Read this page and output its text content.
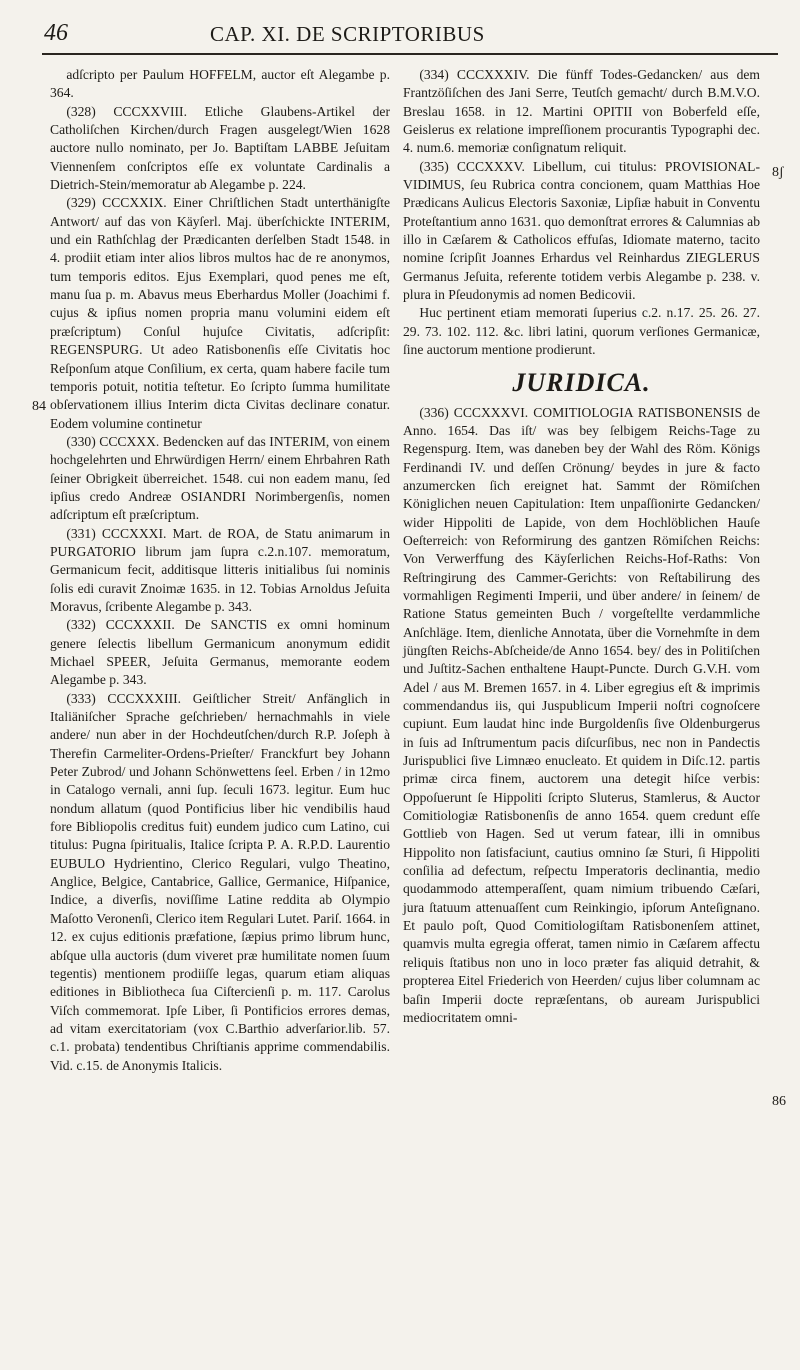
46	CAP. XI. DE SCRIPTORIBUS
84
8ʃ
86

adſcripto per Paulum HOFFELM, auctor eſt Alegambe p. 364.

(328) CCCXXVIII. Etliche Glaubens-Artikel der Catholiſchen Kirchen/durch Fragen ausgelegt/Wien 1628 auctore nullo nominato, per Jo. Baptiſtam LABBE Jeſuitam Viennenſem conſcriptos eſſe ex voluntate Cardinalis a Dietrich-Stein/memoratur ab Alegambe p. 224.

(329) CCCXXIX. Einer Chriſtlichen Stadt unterthänigſte Antwort/ auf das von Käyſerl. Maj. überſchickte INTERIM, und ein Rathſchlag der Prædicanten derſelben Stadt 1548. in 4. prodiit etiam inter alios libros multos hac de re anonymos, tum temporis editos. Ejus Exemplari, quod penes me eſt, manu ſua p. m. Abavus meus Eberhardus Moller (Joachimi f. cujus & ipſius nomen propria manu volumini eidem eſt præſcriptum) Conſul hujuſce Civitatis, adſcripſit: REGENSPURG. Ut adeo Ratisbonenſis eſſe Civitatis hoc Reſponſum atque Conſilium, ex certa, quam habere facile tum temporis potuit, notitia teſtetur. Eo ſcripto ſumma humilitate obſervationem illius Interim dicta Civitas declinare conatur. Eodem volumine continetur

(330) CCCXXX. Bedencken auf das INTERIM, von einem hochgelehrten und Ehrwürdigen Herrn/ einem Ehrbahren Rath ſeiner Obrigkeit überreichet. 1548. cui non eadem manu, ſed ipſius credo Andreæ OSIANDRI Norimbergenſis, nomen adſcriptum eſt præſcriptum.

(331) CCCXXXI. Mart. de ROA, de Statu animarum in PURGATORIO librum jam ſupra c.2.n.107. memoratum, Germanicum fecit, additisque litteris initialibus ſui nominis ſolis edi curavit Znoimæ 1635. in 12. Tobias Arnoldus Jeſuita Moravus, ſcribente Alegambe p. 343.

(332) CCCXXXII. De SANCTIS ex omni hominum genere ſelectis libellum Germanicum anonymum edidit Michael SPEER, Jeſuita Germanus, memorante eodem Alegambe p. 343.

(333) CCCXXXIII. Geiſtlicher Streit/ Anfänglich in Italiäniſcher Sprache geſchrieben/ hernachmahls in viele andere/ nun aber in der Hochdeutſchen/durch R.P. Joſeph à Therefin Carmeliter-Ordens-Prieſter/ Franckfurt bey Johann Peter Zubrod/ und Johann Schönwettens ſeel. Erben / in 12mo in Catalogo vernali, anni ſup. ſeculi 1673. legitur. Eum huc nondum allatum (quod Pontificius liber hic vendibilis haud fore Bibliopolis creditus fuit) eundem judico cum Latino, cui titulus: Pugna ſpiritualis, Italice ſcripta P. A. R.P.D. Laurentio EUBULO Hydrientino, Clerico Regulari, vulgo Theatino, Anglice, Belgice, Cantabrice, Gallice, Germanice, Hiſpanice, Indice, a diverſis, noviſſime Latine reddita ab Olympio Maſotto Veronenſi, Clerico item Regulari Lutet. Pariſ. 1664. in 12. ex cujus editionis præfatione, ſæpius primo librum hunc, abſque ulla auctoris (dum viveret præ humilitate nomen ſuum tegentis) mentionem prodiiſſe legas, quarum etiam aliquas editiones in Bibliotheca ſua Ciſtercienſi p. m. 117. Carolus Viſch commemorat. Ipſe Liber, ſi Pontificios errores demas, ad vitam exercitatoriam (vox C.Barthio adverſarior.lib. 57. c.1. probata) tendentibus Chriſtianis apprime commendabilis. Vid. c.15. de Anonymis Italicis.

(334) CCCXXXIV. Die fünff Todes-Gedancken/ aus dem Frantzöſiſchen des Jani Serre, Teutſch gemacht/ durch B.M.V.O. Breslau 1658. in 12. Martini OPITII von Boberfeld eſſe, Geislerus ex relatione impreſſionem procurantis Typographi dec. 4. num.6. memoriæ conſignatum reliquit.

(335) CCCXXXV. Libellum, cui titulus: PROVISIONAL-VIDIMUS, ſeu Rubrica contra concionem, quam Matthias Hoe Prædicans Aulicus Electoris Saxoniæ, Lipſiæ habuit in Conventu Proteſtantium anno 1631. quo demonſtrat errores & Calumnias ab illo in Cæſarem & Catholicos effuſas, Idiomate materno, tacito nomine ſcripſit Joannes Erhardus vel Reinhardus ZIEGLERUS Germanus Jeſuita, referente totidem verbis Alegambe p. 238. v. plura in Pſeudonymis ad nomen Bedicovii.

Huc pertinent etiam memorati ſuperius c.2. n.17. 25. 26. 27. 29. 73. 102. 112. &c. libri latini, quorum verſiones Germanicæ, ſine auctorum mentione prodierunt.

JURIDICA.

(336) CCCXXXVI. COMITIOLOGIA RATISBONENSIS de Anno. 1654. Das iſt/ was bey ſelbigem Reichs-Tage zu Regenspurg. Item, was daneben bey der Wahl des Röm. Königs Ferdinandi IV. und deſſen Crönung/ beydes in jure & facto anzumercken ſich ereignet hat. Sammt der Römiſchen Königlichen neuen Capitulation: Item unpaſſionirte Gedancken/ wider Hippoliti de Lapide, von dem Hochlöblichen Hauſe Oeſterreich: von Reformirung des gantzen Römiſchen Reichs: Von Verwerffung des Käyſerlichen Reichs-Hof-Raths: Von Reſtringirung des Cammer-Gerichts: von Reſtabilirung des vormahligen Regimenti Imperii, und über andere/ in ſeinem/ de Ratione Status gemeinten Buch / vorgeſtellte verdammliche Anſchläge. Item, dienliche Annotata, über die Vornehmſte in dem jüngſten Reichs-Abſcheide/de Anno 1654. bey/ des in Politiſchen und Juſtitz-Sachen enthaltene Haupt-Puncte. Durch G.V.H. vom Adel / aus M. Bremen 1657. in 4. Liber egregius eſt & imprimis commendandus iis, qui Juspublicum Imperii noſtri cognoſcere cupiunt. Eum laudat hinc inde Burgoldenſis ſive Oldenburgerus in ſuis ad Inſtrumentum pacis diſcurſibus, nec non in Pandectis Jurispublici ſive Limnæo enucleato. Et quidem in Diſc.12. partis primæ circa finem, auctorem una detegit hiſce verbis: Oppoſuerunt ſe Hippoliti ſcripto Sluterus, Stamlerus, & Auctor Comitiologiæ Ratisbonenſis de anno 1654. quem credunt eſſe Gottlieb von Hagen. Sed ut verum fatear, illi in omnibus Hippolito non ſatisfaciunt, cautius omnino ſæ Sturi, ſi Hippoliti conſilia ad defectum, reſpectu Imperatoris declinantia, medio quodammodo attemperaſſent, quam nimium tribuendo Cæſari, jura ſtatuum attenuaſſent cum Reinkingio, ipſorum Anteſignano. Et paulo poſt, Quod Comitiologiſtam Ratisbonenſem attinet, quamvis multa egregia offerat, tamen nimio in Cæſarem affectu reliquis ſtatibus non uno in loco præter fas aliquid detrahit, & propterea Eitel Friederich von Heerden/ cujus liber columnam ac baſin Imperii docte repræſentans, ob auream Jurispublici mediocritatem omni-
